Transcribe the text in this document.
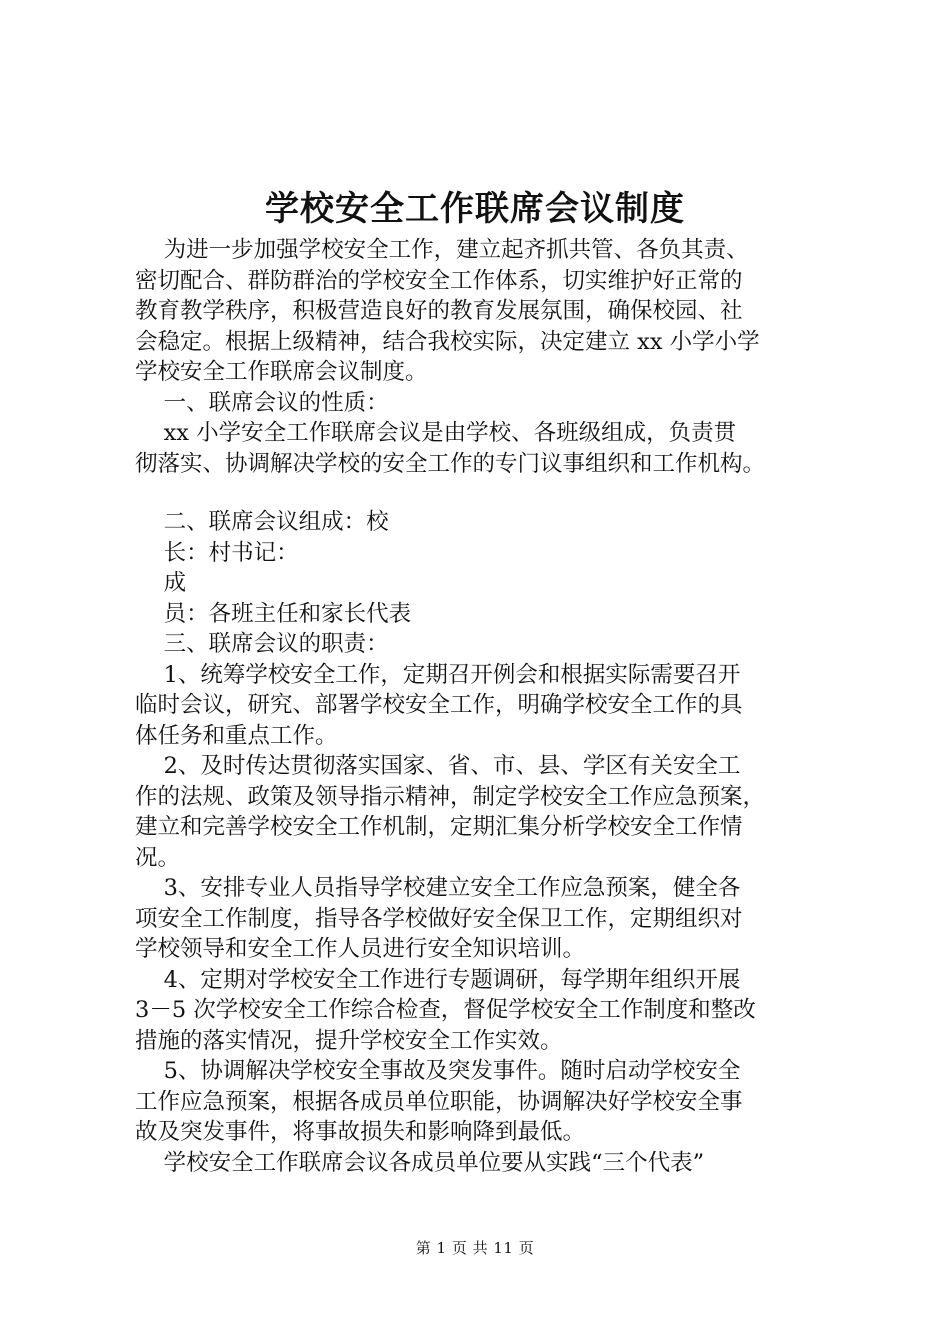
学校安全工作联席会议制度
为进一步加强学校安全工作，建立起齐抓共管、各负其责、
密切配合、群防群治的学校安全工作体系，切实维护好正常的
教育教学秩序，积极营造良好的教育发展氛围，确保校园、社
会稳定。根据上级精神，结合我校实际，决定建立 xx 小学小学
学校安全工作联席会议制度。
一、联席会议的性质：
xx 小学安全工作联席会议是由学校、各班级组成，负责贯
彻落实、协调解决学校的安全工作的专门议事组织和工作机构。
二、联席会议组成：校
长：村书记：
成
员：各班主任和家长代表
三、联席会议的职责：
1、统筹学校安全工作，定期召开例会和根据实际需要召开
临时会议，研究、部署学校安全工作，明确学校安全工作的具
体任务和重点工作。
2、及时传达贯彻落实国家、省、市、县、学区有关安全工
作的法规、政策及领导指示精神，制定学校安全工作应急预案，
建立和完善学校安全工作机制，定期汇集分析学校安全工作情
况。
3、安排专业人员指导学校建立安全工作应急预案，健全各
项安全工作制度，指导各学校做好安全保卫工作，定期组织对
学校领导和安全工作人员进行安全知识培训。
4、定期对学校安全工作进行专题调研，每学期年组织开展
3－5 次学校安全工作综合检查，督促学校安全工作制度和整改
措施的落实情况，提升学校安全工作实效。
5、协调解决学校安全事故及突发事件。随时启动学校安全
工作应急预案，根据各成员单位职能，协调解决好学校安全事
故及突发事件，将事故损失和影响降到最低。
学校安全工作联席会议各成员单位要从实践“三个代表”
第 1 页 共 11 页
